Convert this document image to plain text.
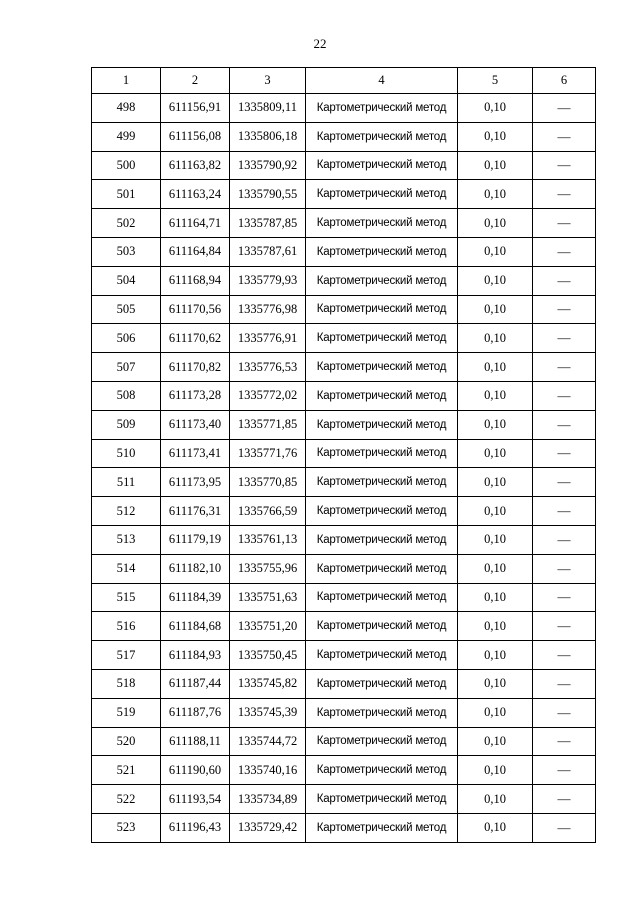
22
1	2	3	4	5	6
498	611156,91	1335809,11	Картометрический метод	0,10	—
499	611156,08	1335806,18	Картометрический метод	0,10	—
500	611163,82	1335790,92	Картометрический метод	0,10	—
501	611163,24	1335790,55	Картометрический метод	0,10	—
502	611164,71	1335787,85	Картометрический метод	0,10	—
503	611164,84	1335787,61	Картометрический метод	0,10	—
504	611168,94	1335779,93	Картометрический метод	0,10	—
505	611170,56	1335776,98	Картометрический метод	0,10	—
506	611170,62	1335776,91	Картометрический метод	0,10	—
507	611170,82	1335776,53	Картометрический метод	0,10	—
508	611173,28	1335772,02	Картометрический метод	0,10	—
509	611173,40	1335771,85	Картометрический метод	0,10	—
510	611173,41	1335771,76	Картометрический метод	0,10	—
511	611173,95	1335770,85	Картометрический метод	0,10	—
512	611176,31	1335766,59	Картометрический метод	0,10	—
513	611179,19	1335761,13	Картометрический метод	0,10	—
514	611182,10	1335755,96	Картометрический метод	0,10	—
515	611184,39	1335751,63	Картометрический метод	0,10	—
516	611184,68	1335751,20	Картометрический метод	0,10	—
517	611184,93	1335750,45	Картометрический метод	0,10	—
518	611187,44	1335745,82	Картометрический метод	0,10	—
519	611187,76	1335745,39	Картометрический метод	0,10	—
520	611188,11	1335744,72	Картометрический метод	0,10	—
521	611190,60	1335740,16	Картометрический метод	0,10	—
522	611193,54	1335734,89	Картометрический метод	0,10	—
523	611196,43	1335729,42	Картометрический метод	0,10	—
